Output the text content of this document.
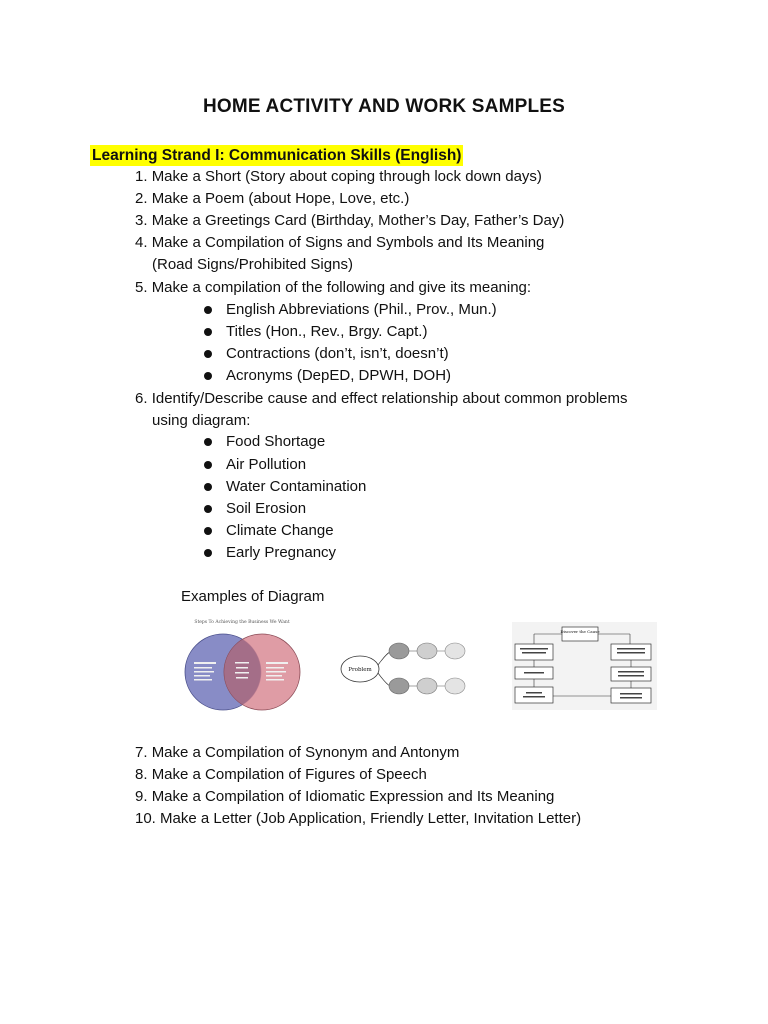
HOME ACTIVITY AND WORK SAMPLES
Learning Strand I: Communication Skills (English)
1. Make a Short (Story about coping through lock down days)
2. Make a Poem (about Hope, Love, etc.)
3. Make a Greetings Card (Birthday, Mother’s Day, Father’s Day)
4. Make a Compilation of Signs and Symbols and Its Meaning
(Road Signs/Prohibited Signs)
5. Make a compilation of the following and give its meaning:
English Abbreviations (Phil., Prov., Mun.)
Titles (Hon., Rev., Brgy. Capt.)
Contractions (don’t, isn’t, doesn’t)
Acronyms (DepED, DPWH, DOH)
6. Identify/Describe cause and effect relationship about common problems
using diagram:
Food Shortage
Air Pollution
Water Contamination
Soil Erosion
Climate Change
Early Pregnancy
Examples of Diagram
Steps To Achieving the Business We Want
Problem
Discover the Cause
7. Make a Compilation of Synonym and Antonym
8. Make a Compilation of Figures of Speech
9. Make a Compilation of Idiomatic Expression and Its Meaning
10. Make a Letter (Job Application, Friendly Letter, Invitation Letter)
